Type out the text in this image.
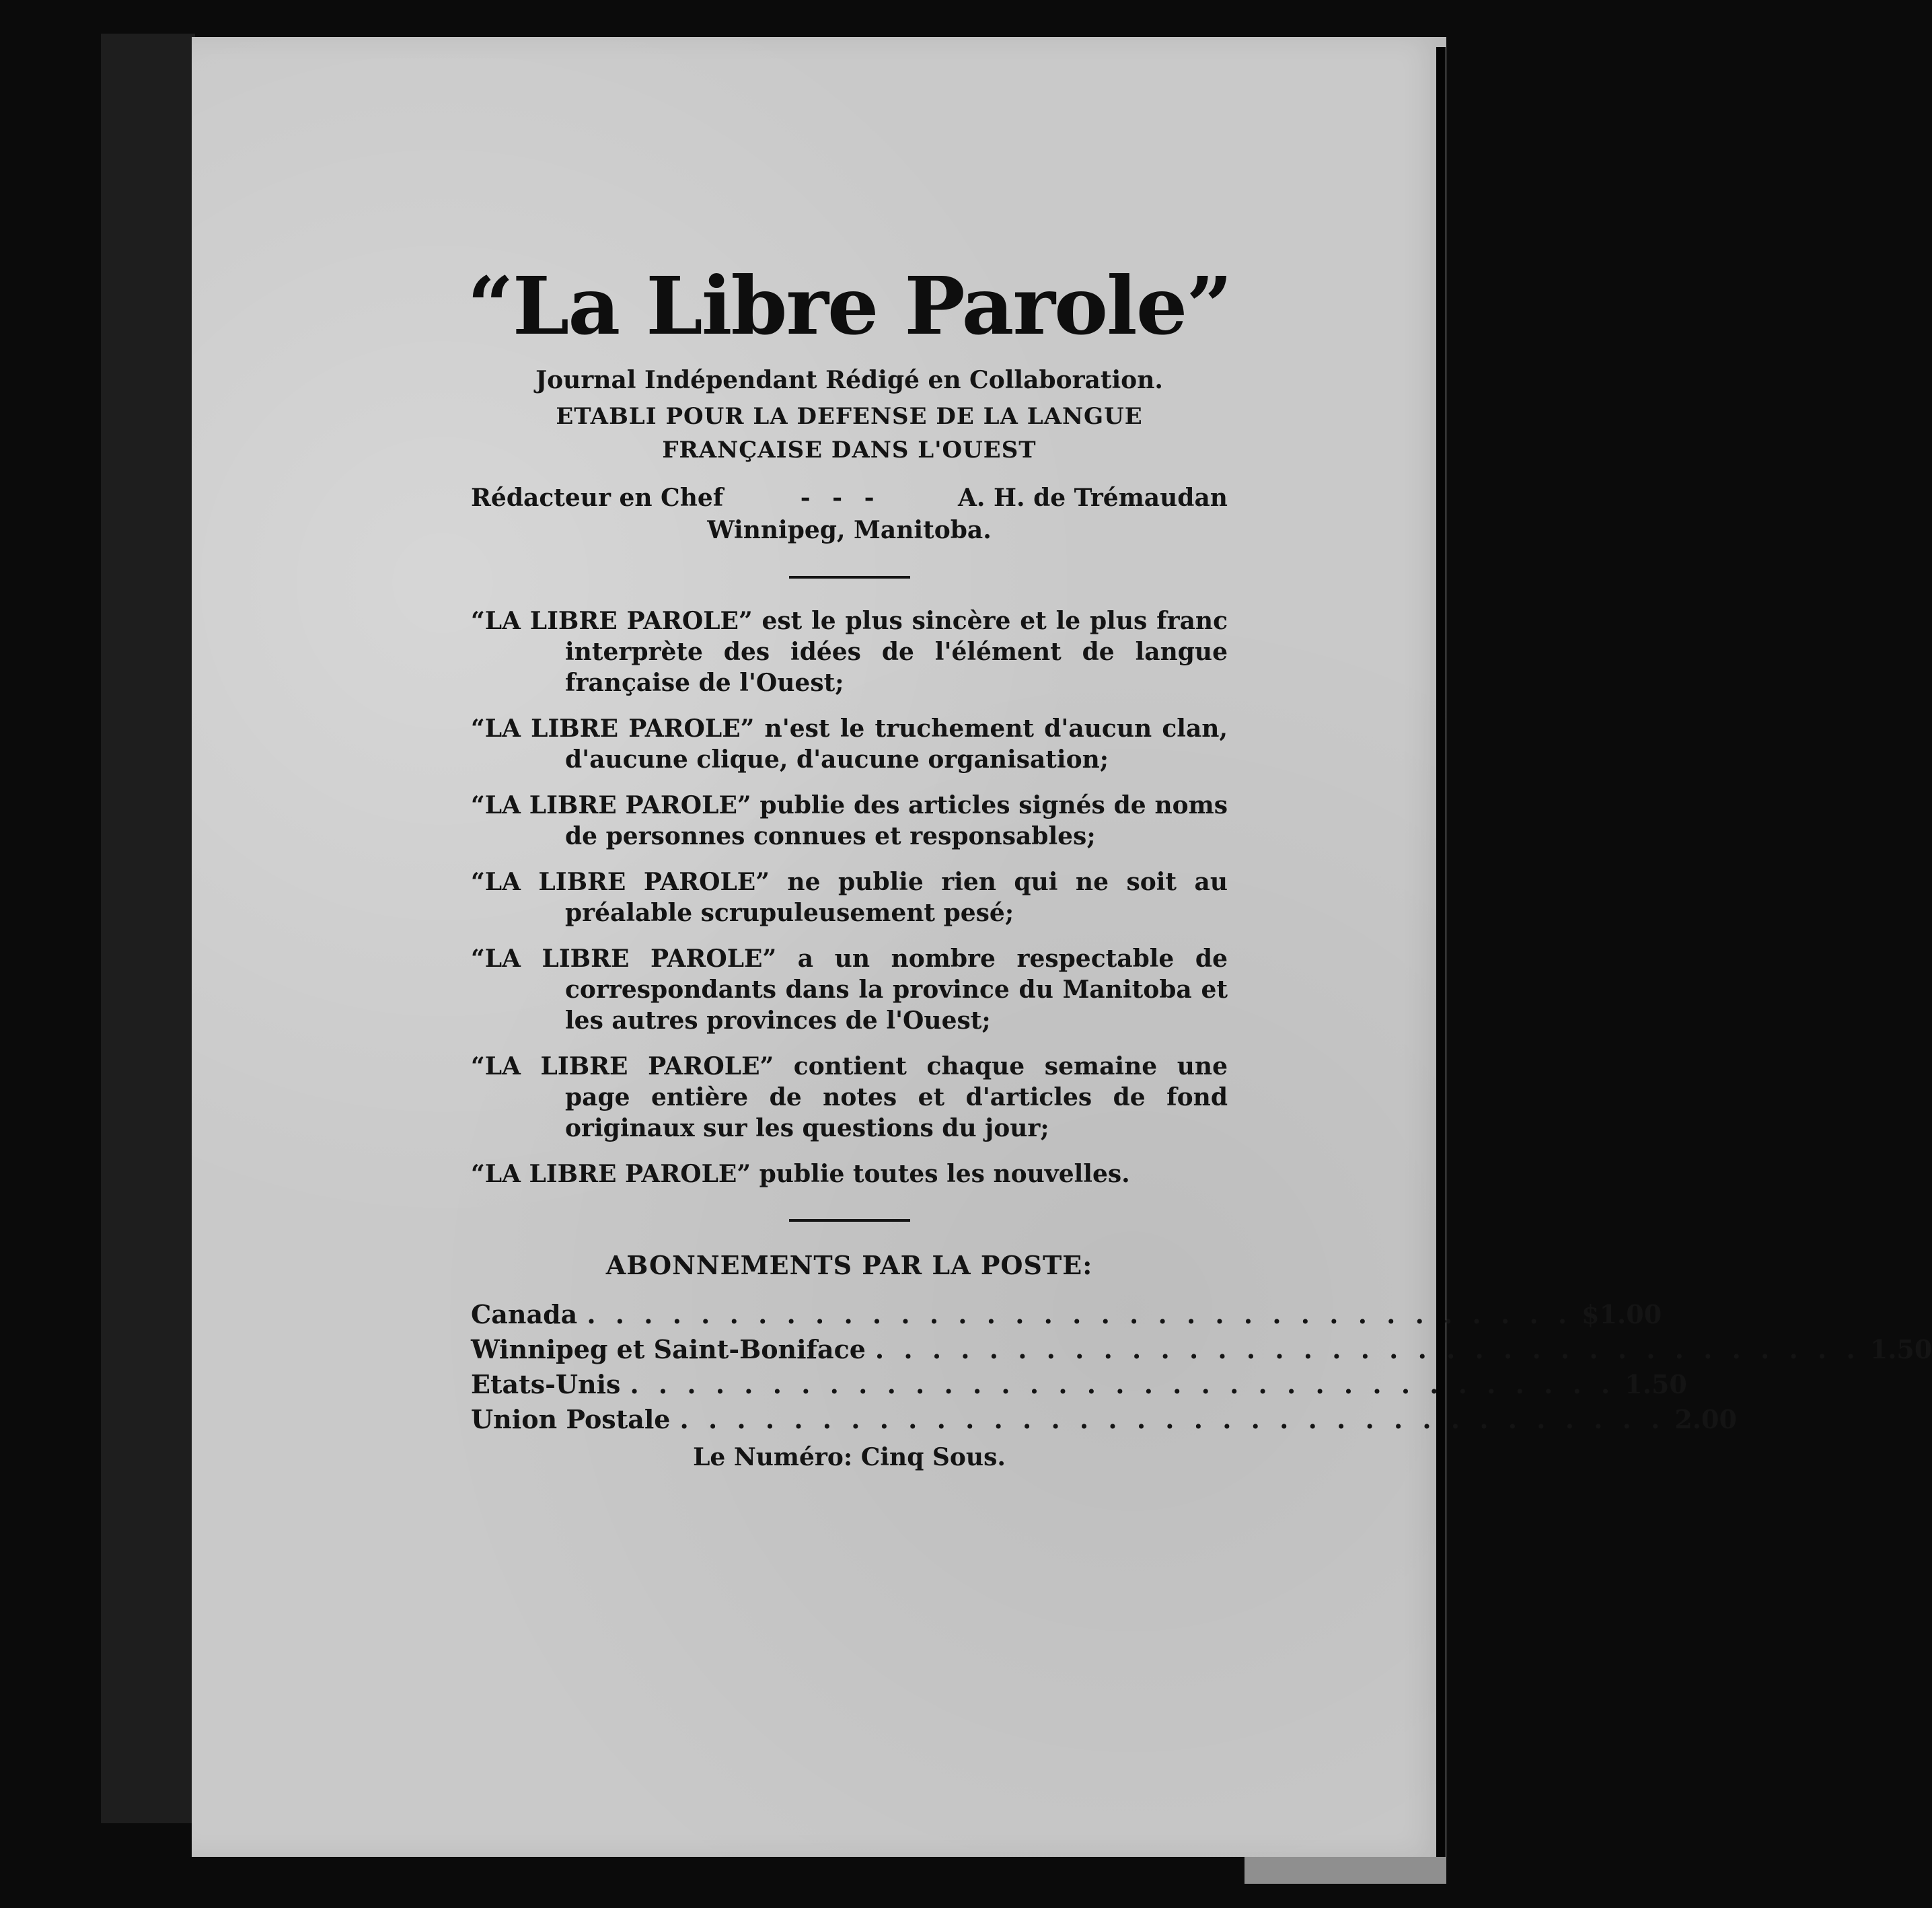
“La Libre Parole”
Journal Indépendant Rédigé en Collaboration.
ETABLI POUR LA DEFENSE DE LA LANGUE
FRANÇAISE DANS L'OUEST
Rédacteur en Chef	- - -	A. H. de Trémaudan
Winnipeg, Manitoba.

“LA LIBRE PAROLE” est le plus sincère et le plus franc interprète des idées de l'élément de langue française de l'Ouest;

“LA LIBRE PAROLE” n'est le truchement d'aucun clan, d'aucune clique, d'aucune organisation;

“LA LIBRE PAROLE” publie des articles signés de noms de personnes connues et responsables;

“LA LIBRE PAROLE” ne publie rien qui ne soit au préalable scrupuleusement pesé;

“LA LIBRE PAROLE” a un nombre respectable de correspondants dans la province du Manitoba et les autres provinces de l'Ouest;

“LA LIBRE PAROLE” contient chaque semaine une page entière de notes et d'articles de fond originaux sur les questions du jour;

“LA LIBRE PAROLE” publie toutes les nouvelles.

ABONNEMENTS PAR LA POSTE:
Canada . . . . . . . . . . . . . . . . . . . . . . . . . . . . . . . . . . . $1.00
Winnipeg et Saint-Boniface . . . . . . . . . . . . . . . . . . . . . . . . . . . . . . . . . . . 1.50
Etats-Unis . . . . . . . . . . . . . . . . . . . . . . . . . . . . . . . . . . . 1.50
Union Postale . . . . . . . . . . . . . . . . . . . . . . . . . . . . . . . . . . . 2.00
Le Numéro: Cinq Sous.
